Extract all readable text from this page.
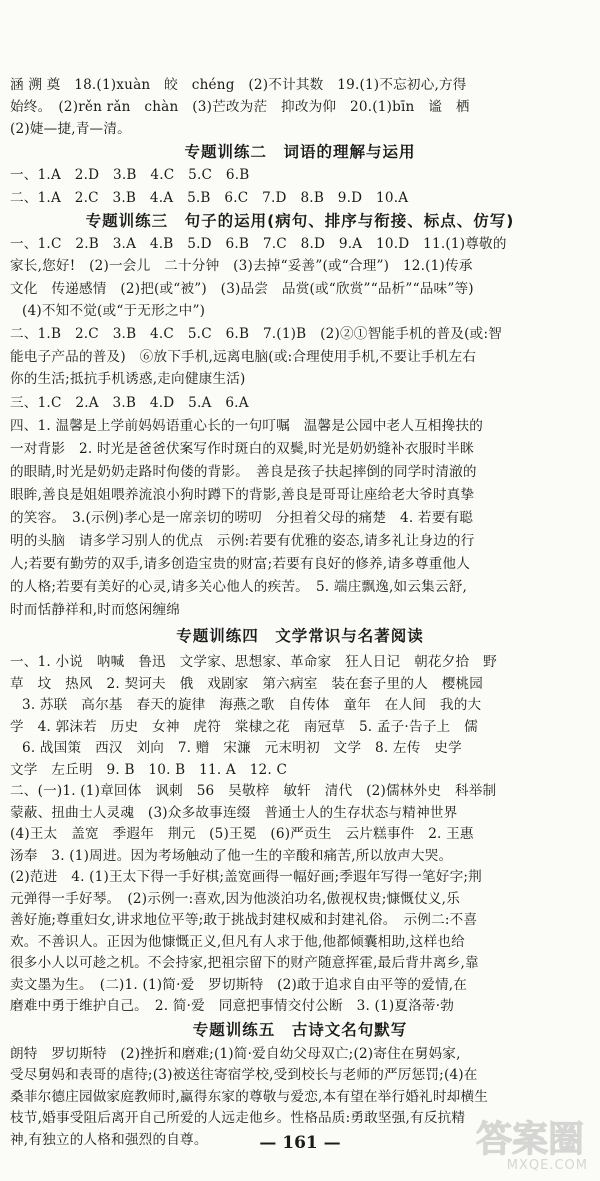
涵 溯 奠　18.(1)xuàn　皎　chéng　(2)不计其数　19.(1)不忘初心,方得
始终。　(2)rěn rǎn　chàn　(3)芒改为茫　抑改为仰　20.(1)bīn　谧　栖
(2)婕—捷,青—清。
专题训练二　词语的理解与运用
一、1.A　2.D　3.B　4.C　5.C　6.B
二、1.A　2.C　3.B　4.A　5.B　6.C　7.D　8.B　9.D　10.A
专题训练三　句子的运用(病句、排序与衔接、标点、仿写)
一、1.C　2.B　3.A　4.B　5.D　6.B　7.C　8.D　9.A　10.D　11.(1)尊敬的
家长,您好!　(2)一会儿　二十分钟　(3)去掉“妥善”(或“合理”)　12.(1)传承
文化　传递感情　(2)把(或“被”)　(3)品尝　品赏(或“欣赏”“品析”“品味”等)
(4)不知不觉(或“于无形之中”)
二、1.B　2.C　3.B　4.C　5.C　6.B　7.(1)B　(2)②①智能手机的普及(或:智
能电子产品的普及)　⑥放下手机,远离电脑(或:合理使用手机,不要让手机左右
你的生活;抵抗手机诱惑,走向健康生活)
三、1.C　2.A　3.B　4.D　5.A　6.A
四、1. 温馨是上学前妈妈语重心长的一句叮嘱　温馨是公园中老人互相搀扶的
一对背影　2. 时光是爸爸伏案写作时斑白的双鬓,时光是奶奶缝补衣服时半眯
的眼睛,时光是奶奶走路时佝偻的背影。　善良是孩子扶起摔倒的同学时清澈的
眼眸,善良是姐姐喂养流浪小狗时蹲下的背影,善良是哥哥让座给老大爷时真挚
的笑容。　3.(示例)孝心是一席亲切的唠叨　分担着父母的痛楚　4. 若要有聪
明的头脑　请多学习别人的优点　示例:若要有优雅的姿态,请多礼让身边的行
人;若要有勤劳的双手,请多创造宝贵的财富;若要有良好的修养,请多尊重他人
的人格;若要有美好的心灵,请多关心他人的疾苦。　5. 端庄飘逸,如云集云舒,
时而恬静祥和,时而悠闲缠绵
专题训练四　文学常识与名著阅读
一、1. 小说　呐喊　鲁迅　文学家、思想家、革命家　狂人日记　朝花夕拾　野
草　坟　热风　2. 契诃夫　俄　戏剧家　第六病室　装在套子里的人　樱桃园
3. 苏联　高尔基　春天的旋律　海燕之歌　自传体　童年　在人间　我的大
学　4. 郭沫若　历史　女神　虎符　棠棣之花　南冠草　5. 孟子·告子上　儒
6. 战国策　西汉　刘向　7. 赠　宋濂　元末明初　文学　8. 左传　史学
文学　左丘明　9. B　10. B　11. A　12. C
二、(一)1. (1)章回体　讽刺　56　吴敬梓　敏轩　清代　(2)儒林外史　科举制
蒙蔽、扭曲士人灵魂　(3)众多故事连缀　普通士人的生存状态与精神世界
(4)王太　盖宽　季遐年　荆元　(5)王冕　(6)严贡生　云片糕事件　2. 王惠
汤奉　3. (1)周进。因为考场触动了他一生的辛酸和痛苦,所以放声大哭。
(2)范进　4. (1)王太下得一手好棋;盖宽画得一幅好画;季遐年写得一笔好字;荆
元弹得一手好琴。　(2)示例一:喜欢,因为他淡泊功名,傲视权贵;慷慨仗义,乐
善好施;尊重妇女,讲求地位平等;敢于挑战封建权威和封建礼俗。　示例二:不喜
欢。不善识人。正因为他慷慨正义,但凡有人求于他,他都倾囊相助,这样也给
很多小人以可趁之机。不会持家,把祖宗留下的财产随意挥霍,最后背井离乡,靠
卖文墨为生。　(二)1. (1)简·爱　罗切斯特　(2)敢于追求自由平等的爱情,在
磨难中勇于维护自己。　2. 简·爱　同意把事情交付公断　3. (1)夏洛蒂·勃
朗特　罗切斯特　(2)挫折和磨难;(1)简·爱自幼父母双亡;(2)寄住在舅妈家,
受尽舅妈和表哥的虐待;(3)被送往寄宿学校,受到校长与老师的严厉惩罚;(4)在
桑菲尔德庄园做家庭教师时,赢得东家的尊敬与爱恋,本有望在举行婚礼时却横生
枝节,婚事受阻后离开自己所爱的人远走他乡。性格品质:勇敢坚强,有反抗精
神,有独立的人格和强烈的自尊。	— 161 —	答案圈
MXQE.COM
专题训练五　古诗文名句默写
